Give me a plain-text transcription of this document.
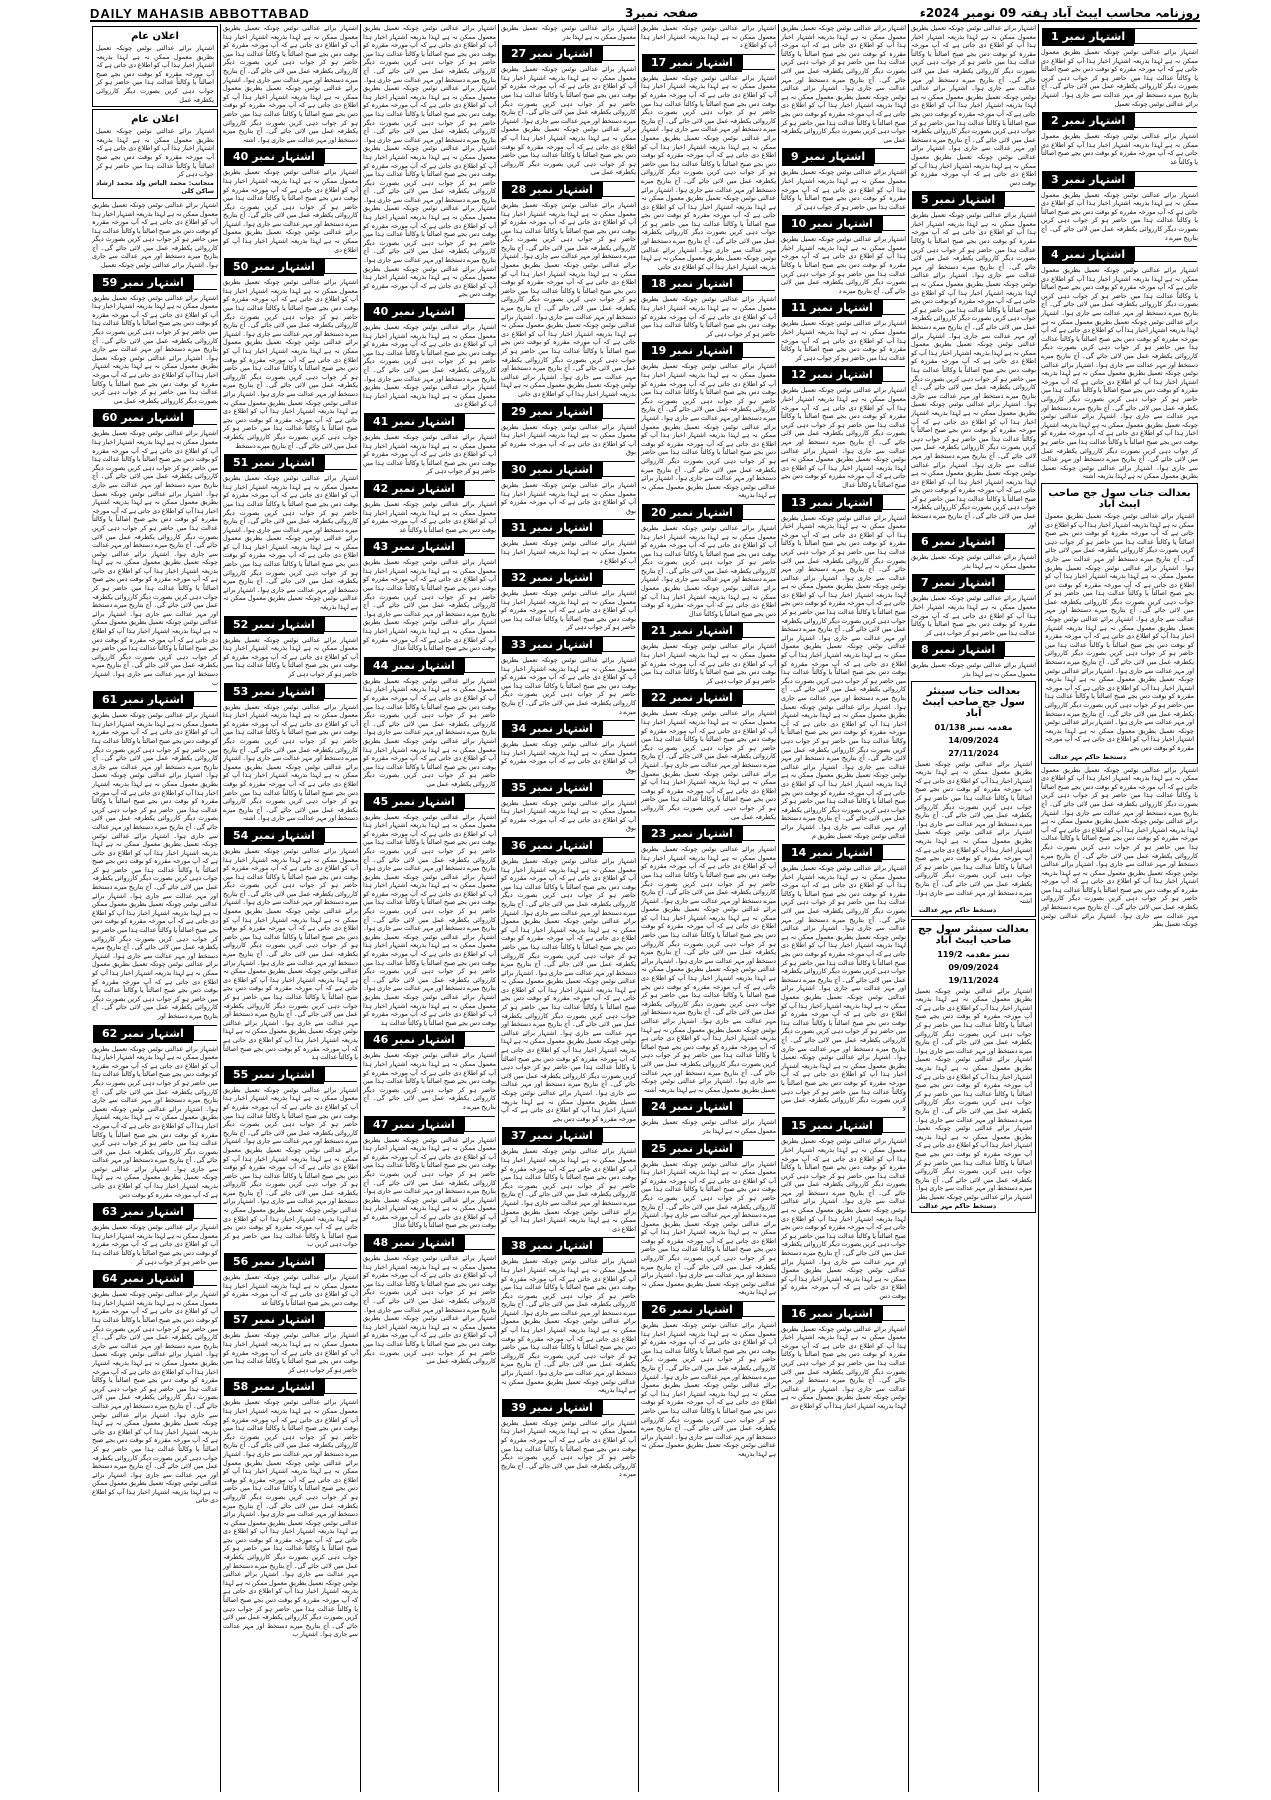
DAILY MAHASIB ABBOTTABAD	صفحہ نمبر3	روزنامہ محاسب ایبٹ آباد ہفتہ 09 نومبر 2024ء
اعلان عام
اشتہار برائے عدالتی نوٹس چونکہ تعمیل بطریق معمول ممکن نہ ہے لہذا بذریعہ اشتہار اخبار ہذا آپ کو اطلاع دی جاتی ہے کہ آپ مورخہ مقررہ کو بوقت دس بجے صبح اصالتاً یا وکالتاً عدالت ہذا میں حاضر ہو کر جواب دہی کریں بصورت دیگر کارروائی یکطرفہ عمل
اعلان عام
اشتہار برائے عدالتی نوٹس چونکہ تعمیل بطریق معمول ممکن نہ ہے لہذا بذریعہ اشتہار اخبار ہذا آپ کو اطلاع دی جاتی ہے کہ آپ مورخہ مقررہ کو بوقت دس بجے صبح اصالتاً یا وکالتاً عدالت ہذا میں حاضر ہو کر جواب دہی کر
منجانب: محمد الیاس ولد محمد ارشاد ساکن کلی
اشتہار برائے عدالتی نوٹس چونکہ تعمیل بطریق معمول ممکن نہ ہے لہذا بذریعہ اشتہار اخبار ہذا آپ کو اطلاع دی جاتی ہے کہ آپ مورخہ مقررہ کو بوقت دس بجے صبح اصالتاً یا وکالتاً عدالت ہذا میں حاضر ہو کر جواب دہی کریں بصورت دیگر کارروائی یکطرفہ عمل میں لائی جائے گی۔ آج بتاریخ میرے دستخط اور مہر عدالت سے جاری ہوا۔ اشتہار برائے عدالتی نوٹس چونکہ تعمیل
اشتہار نمبر 59
اشتہار برائے عدالتی نوٹس چونکہ تعمیل بطریق معمول ممکن نہ ہے لہذا بذریعہ اشتہار اخبار ہذا آپ کو اطلاع دی جاتی ہے کہ آپ مورخہ مقررہ کو بوقت دس بجے صبح اصالتاً یا وکالتاً عدالت ہذا میں حاضر ہو کر جواب دہی کریں بصورت دیگر کارروائی یکطرفہ عمل میں لائی جائے گی۔ آج بتاریخ میرے دستخط اور مہر عدالت سے جاری ہوا۔ اشتہار برائے عدالتی نوٹس چونکہ تعمیل بطریق معمول ممکن نہ ہے لہذا بذریعہ اشتہار اخبار ہذا آپ کو اطلاع دی جاتی ہے کہ آپ مورخہ مقررہ کو بوقت دس بجے صبح اصالتاً یا وکالتاً عدالت ہذا میں حاضر ہو کر جواب دہی کریں بصورت دیگر کارروائی یکطرفہ عمل می
اشتہار نمبر 60
اشتہار برائے عدالتی نوٹس چونکہ تعمیل بطریق معمول ممکن نہ ہے لہذا بذریعہ اشتہار اخبار ہذا آپ کو اطلاع دی جاتی ہے کہ آپ مورخہ مقررہ کو بوقت دس بجے صبح اصالتاً یا وکالتاً عدالت ہذا میں حاضر ہو کر جواب دہی کریں بصورت دیگر کارروائی یکطرفہ عمل میں لائی جائے گی۔ آج بتاریخ میرے دستخط اور مہر عدالت سے جاری ہوا۔ اشتہار برائے عدالتی نوٹس چونکہ تعمیل بطریق معمول ممکن نہ ہے لہذا بذریعہ اشتہار اخبار ہذا آپ کو اطلاع دی جاتی ہے کہ آپ مورخہ مقررہ کو بوقت دس بجے صبح اصالتاً یا وکالتاً عدالت ہذا میں حاضر ہو کر جواب دہی کریں بصورت دیگر کارروائی یکطرفہ عمل میں لائی جائے گی۔ آج بتاریخ میرے دستخط اور مہر عدالت سے جاری ہوا۔ اشتہار برائے عدالتی نوٹس چونکہ تعمیل بطریق معمول ممکن نہ ہے لہذا بذریعہ اشتہار اخبار ہذا آپ کو اطلاع دی جاتی ہے کہ آپ مورخہ مقررہ کو بوقت دس بجے صبح اصالتاً یا وکالتاً عدالت ہذا میں حاضر ہو کر جواب دہی کریں بصورت دیگر کارروائی یکطرفہ عمل میں لائی جائے گی۔ آج بتاریخ میرے دستخط اور مہر عدالت سے جاری ہوا۔ اشتہار برائے عدالتی نوٹس چونکہ تعمیل بطریق معمول ممکن نہ ہے لہذا بذریعہ اشتہار اخبار ہذا آپ کو اطلاع دی جاتی ہے کہ آپ مورخہ مقررہ کو بوقت دس بجے صبح اصالتاً یا وکالتاً عدالت ہذا میں حاضر ہو کر جواب دہی کریں بصورت دیگر کارروائی یکطرفہ عمل میں لائی جائے گی۔ آج بتاریخ میرے دستخط اور مہر عدالت سے جاری ہوا۔ اشتہار ب
اشتہار نمبر 61
اشتہار برائے عدالتی نوٹس چونکہ تعمیل بطریق معمول ممکن نہ ہے لہذا بذریعہ اشتہار اخبار ہذا آپ کو اطلاع دی جاتی ہے کہ آپ مورخہ مقررہ کو بوقت دس بجے صبح اصالتاً یا وکالتاً عدالت ہذا میں حاضر ہو کر جواب دہی کریں بصورت دیگر کارروائی یکطرفہ عمل میں لائی جائے گی۔ آج بتاریخ میرے دستخط اور مہر عدالت سے جاری ہوا۔ اشتہار برائے عدالتی نوٹس چونکہ تعمیل بطریق معمول ممکن نہ ہے لہذا بذریعہ اشتہار اخبار ہذا آپ کو اطلاع دی جاتی ہے کہ آپ مورخہ مقررہ کو بوقت دس بجے صبح اصالتاً یا وکالتاً عدالت ہذا میں حاضر ہو کر جواب دہی کریں بصورت دیگر کارروائی یکطرفہ عمل میں لائی جائے گی۔ آج بتاریخ میرے دستخط اور مہر عدالت سے جاری ہوا۔ اشتہار برائے عدالتی نوٹس چونکہ تعمیل بطریق معمول ممکن نہ ہے لہذا بذریعہ اشتہار اخبار ہذا آپ کو اطلاع دی جاتی ہے کہ آپ مورخہ مقررہ کو بوقت دس بجے صبح اصالتاً یا وکالتاً عدالت ہذا میں حاضر ہو کر جواب دہی کریں بصورت دیگر کارروائی یکطرفہ عمل میں لائی جائے گی۔ آج بتاریخ میرے دستخط اور مہر عدالت سے جاری ہوا۔ اشتہار برائے عدالتی نوٹس چونکہ تعمیل بطریق معمول ممکن نہ ہے لہذا بذریعہ اشتہار اخبار ہذا آپ کو اطلاع دی جاتی ہے کہ آپ مورخہ مقررہ کو بوقت دس بجے صبح اصالتاً یا وکالتاً عدالت ہذا میں حاضر ہو کر جواب دہی کریں بصورت دیگر کارروائی یکطرفہ عمل میں لائی جائے گی۔ آج بتاریخ میرے دستخط اور مہر عدالت سے جاری ہوا۔ اشتہار برائے عدالتی نوٹس چونکہ تعمیل بطریق معمول ممکن نہ ہے لہذا بذریعہ اشتہار اخبار ہذا آپ کو اطلاع دی جاتی ہے کہ آپ مورخہ مقررہ کو بوقت دس بجے صبح اصالتاً یا وکالتاً عدالت ہذا میں حاضر ہو کر جواب دہی کریں بصورت دیگر کارروائی یکطرفہ عمل میں لائی جائے گی۔ آج بتاریخ میرے دستخط اور
اشتہار نمبر 62
اشتہار برائے عدالتی نوٹس چونکہ تعمیل بطریق معمول ممکن نہ ہے لہذا بذریعہ اشتہار اخبار ہذا آپ کو اطلاع دی جاتی ہے کہ آپ مورخہ مقررہ کو بوقت دس بجے صبح اصالتاً یا وکالتاً عدالت ہذا میں حاضر ہو کر جواب دہی کریں بصورت دیگر کارروائی یکطرفہ عمل میں لائی جائے گی۔ آج بتاریخ میرے دستخط اور مہر عدالت سے جاری ہوا۔ اشتہار برائے عدالتی نوٹس چونکہ تعمیل بطریق معمول ممکن نہ ہے لہذا بذریعہ اشتہار اخبار ہذا آپ کو اطلاع دی جاتی ہے کہ آپ مورخہ مقررہ کو بوقت دس بجے صبح اصالتاً یا وکالتاً عدالت ہذا میں حاضر ہو کر جواب دہی کریں بصورت دیگر کارروائی یکطرفہ عمل میں لائی جائے گی۔ آج بتاریخ میرے دستخط اور مہر عدالت سے جاری ہوا۔ اشتہار برائے عدالتی نوٹس چونکہ تعمیل بطریق معمول ممکن نہ ہے لہذا بذریعہ اشتہار اخبار ہذا آپ کو اطلاع دی جاتی ہے کہ آپ مورخہ مقررہ کو بوقت دس
اشتہار نمبر 63
اشتہار برائے عدالتی نوٹس چونکہ تعمیل بطریق معمول ممکن نہ ہے لہذا بذریعہ اشتہار اخبار ہذا آپ کو اطلاع دی جاتی ہے کہ آپ مورخہ مقررہ کو بوقت دس بجے صبح اصالتاً یا وکالتاً عدالت ہذا میں حاضر ہو کر جواب دہی کر
اشتہار نمبر 64
اشتہار برائے عدالتی نوٹس چونکہ تعمیل بطریق معمول ممکن نہ ہے لہذا بذریعہ اشتہار اخبار ہذا آپ کو اطلاع دی جاتی ہے کہ آپ مورخہ مقررہ کو بوقت دس بجے صبح اصالتاً یا وکالتاً عدالت ہذا میں حاضر ہو کر جواب دہی کریں بصورت دیگر کارروائی یکطرفہ عمل میں لائی جائے گی۔ آج بتاریخ میرے دستخط اور مہر عدالت سے جاری ہوا۔ اشتہار برائے عدالتی نوٹس چونکہ تعمیل بطریق معمول ممکن نہ ہے لہذا بذریعہ اشتہار اخبار ہذا آپ کو اطلاع دی جاتی ہے کہ آپ مورخہ مقررہ کو بوقت دس بجے صبح اصالتاً یا وکالتاً عدالت ہذا میں حاضر ہو کر جواب دہی کریں بصورت دیگر کارروائی یکطرفہ عمل میں لائی جائے گی۔ آج بتاریخ میرے دستخط اور مہر عدالت سے جاری ہوا۔ اشتہار برائے عدالتی نوٹس چونکہ تعمیل بطریق معمول ممکن نہ ہے لہذا بذریعہ اشتہار اخبار ہذا آپ کو اطلاع دی جاتی ہے کہ آپ مورخہ مقررہ کو بوقت دس بجے صبح اصالتاً یا وکالتاً عدالت ہذا میں حاضر ہو کر جواب دہی کریں بصورت دیگر کارروائی یکطرفہ عمل میں لائی جائے گی۔ آج بتاریخ میرے دستخط اور مہر عدالت سے جاری ہوا۔ اشتہار برائے عدالتی نوٹس چونکہ تعمیل بطریق معمول ممکن نہ ہے لہذا بذریعہ اشتہار اخبار ہذا آپ کو اطلاع دی جاتی
اشتہار برائے عدالتی نوٹس چونکہ تعمیل بطریق معمول ممکن نہ ہے لہذا بذریعہ اشتہار اخبار ہذا آپ کو اطلاع دی جاتی ہے کہ آپ مورخہ مقررہ کو بوقت دس بجے صبح اصالتاً یا وکالتاً عدالت ہذا میں حاضر ہو کر جواب دہی کریں بصورت دیگر کارروائی یکطرفہ عمل میں لائی جائے گی۔ آج بتاریخ میرے دستخط اور مہر عدالت سے جاری ہوا۔ اشتہار برائے عدالتی نوٹس چونکہ تعمیل بطریق معمول ممکن نہ ہے لہذا بذریعہ اشتہار اخبار ہذا آپ کو اطلاع دی جاتی ہے کہ آپ مورخہ مقررہ کو بوقت دس بجے صبح اصالتاً یا وکالتاً عدالت ہذا میں حاضر ہو کر جواب دہی کریں بصورت دیگر کارروائی یکطرفہ عمل میں لائی جائے گی۔ آج بتاریخ میرے دستخط اور مہر عدالت سے جاری ہوا۔ اشتہ
اشتہار نمبر 40
اشتہار برائے عدالتی نوٹس چونکہ تعمیل بطریق معمول ممکن نہ ہے لہذا بذریعہ اشتہار اخبار ہذا آپ کو اطلاع دی جاتی ہے کہ آپ مورخہ مقررہ کو بوقت دس بجے صبح اصالتاً یا وکالتاً عدالت ہذا میں حاضر ہو کر جواب دہی کریں بصورت دیگر کارروائی یکطرفہ عمل میں لائی جائے گی۔ آج بتاریخ میرے دستخط اور مہر عدالت سے جاری ہوا۔ اشتہار برائے عدالتی نوٹس چونکہ تعمیل بطریق معمول ممکن نہ ہے لہذا بذریعہ اشتہار اخبار ہذا آپ کو اطلاع دی
اشتہار نمبر 50
اشتہار برائے عدالتی نوٹس چونکہ تعمیل بطریق معمول ممکن نہ ہے لہذا بذریعہ اشتہار اخبار ہذا آپ کو اطلاع دی جاتی ہے کہ آپ مورخہ مقررہ کو بوقت دس بجے صبح اصالتاً یا وکالتاً عدالت ہذا میں حاضر ہو کر جواب دہی کریں بصورت دیگر کارروائی یکطرفہ عمل میں لائی جائے گی۔ آج بتاریخ میرے دستخط اور مہر عدالت سے جاری ہوا۔ اشتہار برائے عدالتی نوٹس چونکہ تعمیل بطریق معمول ممکن نہ ہے لہذا بذریعہ اشتہار اخبار ہذا آپ کو اطلاع دی جاتی ہے کہ آپ مورخہ مقررہ کو بوقت دس بجے صبح اصالتاً یا وکالتاً عدالت ہذا میں حاضر ہو کر جواب دہی کریں بصورت دیگر کارروائی یکطرفہ عمل میں لائی جائے گی۔ آج بتاریخ میرے دستخط اور مہر عدالت سے جاری ہوا۔ اشتہار برائے عدالتی نوٹس چونکہ تعمیل بطریق معمول ممکن نہ ہے لہذا بذریعہ اشتہار اخبار ہذا آپ کو اطلاع دی جاتی ہے کہ آپ مورخہ مقررہ کو بوقت دس بجے صبح اصالتاً یا وکالتاً عدالت ہذا میں حاضر ہو کر جواب دہی کریں بصورت دیگر کارروائی یکطرفہ عمل میں لائی جائے گی۔ آج بتاریخ میرے دستخط
اشتہار نمبر 51
اشتہار برائے عدالتی نوٹس چونکہ تعمیل بطریق معمول ممکن نہ ہے لہذا بذریعہ اشتہار اخبار ہذا آپ کو اطلاع دی جاتی ہے کہ آپ مورخہ مقررہ کو بوقت دس بجے صبح اصالتاً یا وکالتاً عدالت ہذا میں حاضر ہو کر جواب دہی کریں بصورت دیگر کارروائی یکطرفہ عمل میں لائی جائے گی۔ آج بتاریخ میرے دستخط اور مہر عدالت سے جاری ہوا۔ اشتہار برائے عدالتی نوٹس چونکہ تعمیل بطریق معمول ممکن نہ ہے لہذا بذریعہ اشتہار اخبار ہذا آپ کو اطلاع دی جاتی ہے کہ آپ مورخہ مقررہ کو بوقت دس بجے صبح اصالتاً یا وکالتاً عدالت ہذا میں حاضر ہو کر جواب دہی کریں بصورت دیگر کارروائی یکطرفہ عمل میں لائی جائے گی۔ آج بتاریخ میرے دستخط اور مہر عدالت سے جاری ہوا۔ اشتہار برائے عدالتی نوٹس چونکہ تعمیل بطریق معمول ممکن نہ ہے لہذا بذریعہ
اشتہار نمبر 52
اشتہار برائے عدالتی نوٹس چونکہ تعمیل بطریق معمول ممکن نہ ہے لہذا بذریعہ اشتہار اخبار ہذا آپ کو اطلاع دی جاتی ہے کہ آپ مورخہ مقررہ کو بوقت دس بجے صبح اصالتاً یا وکالتاً عدالت ہذا میں حاضر ہو کر جواب دہی کر
اشتہار نمبر 53
اشتہار برائے عدالتی نوٹس چونکہ تعمیل بطریق معمول ممکن نہ ہے لہذا بذریعہ اشتہار اخبار ہذا آپ کو اطلاع دی جاتی ہے کہ آپ مورخہ مقررہ کو بوقت دس بجے صبح اصالتاً یا وکالتاً عدالت ہذا میں حاضر ہو کر جواب دہی کریں بصورت دیگر کارروائی یکطرفہ عمل میں لائی جائے گی۔ آج بتاریخ میرے دستخط اور مہر عدالت سے جاری ہوا۔ اشتہار برائے عدالتی نوٹس چونکہ تعمیل بطریق معمول ممکن نہ ہے لہذا بذریعہ اشتہار اخبار ہذا آپ کو اطلاع دی جاتی ہے کہ آپ مورخہ مقررہ کو بوقت دس بجے صبح اصالتاً یا وکالتاً عدالت ہذا میں حاضر ہو کر جواب دہی کریں بصورت دیگر کارروائی یکطرفہ عمل میں لائی جائے گی۔ آج بتاریخ میرے دستخط اور مہر عدالت سے جاری ہوا۔ اشتہ
اشتہار نمبر 54
اشتہار برائے عدالتی نوٹس چونکہ تعمیل بطریق معمول ممکن نہ ہے لہذا بذریعہ اشتہار اخبار ہذا آپ کو اطلاع دی جاتی ہے کہ آپ مورخہ مقررہ کو بوقت دس بجے صبح اصالتاً یا وکالتاً عدالت ہذا میں حاضر ہو کر جواب دہی کریں بصورت دیگر کارروائی یکطرفہ عمل میں لائی جائے گی۔ آج بتاریخ میرے دستخط اور مہر عدالت سے جاری ہوا۔ اشتہار برائے عدالتی نوٹس چونکہ تعمیل بطریق معمول ممکن نہ ہے لہذا بذریعہ اشتہار اخبار ہذا آپ کو اطلاع دی جاتی ہے کہ آپ مورخہ مقررہ کو بوقت دس بجے صبح اصالتاً یا وکالتاً عدالت ہذا میں حاضر ہو کر جواب دہی کریں بصورت دیگر کارروائی یکطرفہ عمل میں لائی جائے گی۔ آج بتاریخ میرے دستخط اور مہر عدالت سے جاری ہوا۔ اشتہار برائے عدالتی نوٹس چونکہ تعمیل بطریق معمول ممکن نہ ہے لہذا بذریعہ اشتہار اخبار ہذا آپ کو اطلاع دی جاتی ہے کہ آپ مورخہ مقررہ کو بوقت دس بجے صبح اصالتاً یا وکالتاً عدالت ہذا میں حاضر ہو کر جواب دہی کریں بصورت دیگر کارروائی یکطرفہ عمل میں لائی جائے گی۔ آج بتاریخ میرے دستخط اور مہر عدالت سے جاری ہوا۔ اشتہار برائے عدالتی نوٹس چونکہ تعمیل بطریق معمول ممکن نہ ہے لہذا بذریعہ اشتہار اخبار ہذا آپ کو اطلاع دی جاتی ہے کہ آپ مورخہ مقررہ کو بوقت دس بجے صبح اصالتاً یا وکالتاً عدالت ہذ
اشتہار نمبر 55
اشتہار برائے عدالتی نوٹس چونکہ تعمیل بطریق معمول ممکن نہ ہے لہذا بذریعہ اشتہار اخبار ہذا آپ کو اطلاع دی جاتی ہے کہ آپ مورخہ مقررہ کو بوقت دس بجے صبح اصالتاً یا وکالتاً عدالت ہذا میں حاضر ہو کر جواب دہی کریں بصورت دیگر کارروائی یکطرفہ عمل میں لائی جائے گی۔ آج بتاریخ میرے دستخط اور مہر عدالت سے جاری ہوا۔ اشتہار برائے عدالتی نوٹس چونکہ تعمیل بطریق معمول ممکن نہ ہے لہذا بذریعہ اشتہار اخبار ہذا آپ کو اطلاع دی جاتی ہے کہ آپ مورخہ مقررہ کو بوقت دس بجے صبح اصالتاً یا وکالتاً عدالت ہذا میں حاضر ہو کر جواب دہی کریں بصورت دیگر کارروائی یکطرفہ عمل میں لائی جائے گی۔ آج بتاریخ میرے دستخط اور مہر عدالت سے جاری ہوا۔ اشتہار برائے عدالتی نوٹس چونکہ تعمیل بطریق معمول ممکن نہ ہے لہذا بذریعہ اشتہار اخبار ہذا آپ کو اطلاع دی جاتی ہے کہ آپ مورخہ مقررہ کو بوقت دس بجے صبح اصالتاً یا وکالتاً عدالت ہذا میں حاضر ہو کر جواب دہی کریں ب
اشتہار نمبر 56
اشتہار برائے عدالتی نوٹس چونکہ تعمیل بطریق معمول ممکن نہ ہے لہذا بذریعہ اشتہار اخبار ہذا آپ کو اطلاع دی جاتی ہے کہ آپ مورخہ مقررہ کو بوقت دس بجے صبح اصالتاً یا وکالتاً عد
اشتہار نمبر 57
اشتہار برائے عدالتی نوٹس چونکہ تعمیل بطریق معمول ممکن نہ ہے لہذا بذریعہ اشتہار اخبار ہذا آپ کو اطلاع دی جاتی ہے کہ آپ مورخہ مقررہ کو بوقت دس بجے صبح اصالتاً یا وکالتاً عدالت ہذا میں حاضر ہو کر جواب دہی کر
اشتہار نمبر 58
اشتہار برائے عدالتی نوٹس چونکہ تعمیل بطریق معمول ممکن نہ ہے لہذا بذریعہ اشتہار اخبار ہذا آپ کو اطلاع دی جاتی ہے کہ آپ مورخہ مقررہ کو بوقت دس بجے صبح اصالتاً یا وکالتاً عدالت ہذا میں حاضر ہو کر جواب دہی کریں بصورت دیگر کارروائی یکطرفہ عمل میں لائی جائے گی۔ آج بتاریخ میرے دستخط اور مہر عدالت سے جاری ہوا۔ اشتہار برائے عدالتی نوٹس چونکہ تعمیل بطریق معمول ممکن نہ ہے لہذا بذریعہ اشتہار اخبار ہذا آپ کو اطلاع دی جاتی ہے کہ آپ مورخہ مقررہ کو بوقت دس بجے صبح اصالتاً یا وکالتاً عدالت ہذا میں حاضر ہو کر جواب دہی کریں بصورت دیگر کارروائی یکطرفہ عمل میں لائی جائے گی۔ آج بتاریخ میرے دستخط اور مہر عدالت سے جاری ہوا۔ اشتہار برائے عدالتی نوٹس چونکہ تعمیل بطریق معمول ممکن نہ ہے لہذا بذریعہ اشتہار اخبار ہذا آپ کو اطلاع دی جاتی ہے کہ آپ مورخہ مقررہ کو بوقت دس بجے صبح اصالتاً یا وکالتاً عدالت ہذا میں حاضر ہو کر جواب دہی کریں بصورت دیگر کارروائی یکطرفہ عمل میں لائی جائے گی۔ آج بتاریخ میرے دستخط اور مہر عدالت سے جاری ہوا۔ اشتہار برائے عدالتی نوٹس چونکہ تعمیل بطریق معمول ممکن نہ ہے لہذا بذریعہ اشتہار اخبار ہذا آپ کو اطلاع دی جاتی ہے کہ آپ مورخہ مقررہ کو بوقت دس بجے صبح اصالتاً یا وکالتاً عدالت ہذا میں حاضر ہو کر جواب دہی کریں بصورت دیگر کارروائی یکطرفہ عمل میں لائی جائے گی۔ آج بتاریخ میرے دستخط اور مہر عدالت سے جاری ہوا۔ اشتہار ب
اشتہار برائے عدالتی نوٹس چونکہ تعمیل بطریق معمول ممکن نہ ہے لہذا بذریعہ اشتہار اخبار ہذا آپ کو اطلاع دی جاتی ہے کہ آپ مورخہ مقررہ کو بوقت دس بجے صبح اصالتاً یا وکالتاً عدالت ہذا میں حاضر ہو کر جواب دہی کریں بصورت دیگر کارروائی یکطرفہ عمل میں لائی جائے گی۔ آج بتاریخ میرے دستخط اور مہر عدالت سے جاری ہوا۔ اشتہار برائے عدالتی نوٹس چونکہ تعمیل بطریق معمول ممکن نہ ہے لہذا بذریعہ اشتہار اخبار ہذا آپ کو اطلاع دی جاتی ہے کہ آپ مورخہ مقررہ کو بوقت دس بجے صبح اصالتاً یا وکالتاً عدالت ہذا میں حاضر ہو کر جواب دہی کریں بصورت دیگر کارروائی یکطرفہ عمل میں لائی جائے گی۔ آج بتاریخ میرے دستخط اور مہر عدالت سے جاری ہوا۔ اشتہار برائے عدالتی نوٹس چونکہ تعمیل بطریق معمول ممکن نہ ہے لہذا بذریعہ اشتہار اخبار ہذا آپ کو اطلاع دی جاتی ہے کہ آپ مورخہ مقررہ کو بوقت دس بجے صبح اصالتاً یا وکالتاً عدالت ہذا میں حاضر ہو کر جواب دہی کریں بصورت دیگر کارروائی یکطرفہ عمل میں لائی جائے گی۔ آج بتاریخ میرے دستخط اور مہر عدالت سے جاری ہوا۔ اشتہار برائے عدالتی نوٹس چونکہ تعمیل بطریق معمول ممکن نہ ہے لہذا بذریعہ اشتہار اخبار ہذا آپ کو اطلاع دی جاتی ہے کہ آپ مورخہ مقررہ کو بوقت دس بجے صبح اصالتاً یا وکالتاً عدالت ہذا میں حاضر ہو کر جواب دہی کریں بصورت دیگر کارروائی یکطرفہ عمل میں لائی جائے گی۔ آج بتاریخ میرے دستخط اور مہر عدالت سے جاری ہوا۔ اشتہار برائے عدالتی نوٹس چونکہ تعمیل بطریق معمول ممکن نہ ہے لہذا بذریعہ اشتہار اخبار ہذا آپ کو اطلاع دی جاتی ہے کہ آپ مورخہ مقررہ کو بوقت دس بجے
اشتہار نمبر 40
اشتہار برائے عدالتی نوٹس چونکہ تعمیل بطریق معمول ممکن نہ ہے لہذا بذریعہ اشتہار اخبار ہذا آپ کو اطلاع دی جاتی ہے کہ آپ مورخہ مقررہ کو بوقت دس بجے صبح اصالتاً یا وکالتاً عدالت ہذا میں حاضر ہو کر جواب دہی کریں بصورت دیگر کارروائی یکطرفہ عمل میں لائی جائے گی۔ آج بتاریخ میرے دستخط اور مہر عدالت سے جاری ہوا۔ اشتہار برائے عدالتی نوٹس چونکہ تعمیل بطریق معمول ممکن نہ ہے لہذا بذریعہ اشتہار اخبار ہذا آپ کو اطلاع دی
اشتہار نمبر 41
اشتہار برائے عدالتی نوٹس چونکہ تعمیل بطریق معمول ممکن نہ ہے لہذا بذریعہ اشتہار اخبار ہذا آپ کو اطلاع دی جاتی ہے کہ آپ مورخہ مقررہ کو بوقت دس بجے صبح اصالتاً یا وکالتاً عدالت ہذا میں حاضر ہو کر جواب دہی کر
اشتہار نمبر 42
اشتہار برائے عدالتی نوٹس چونکہ تعمیل بطریق معمول ممکن نہ ہے لہذا بذریعہ اشتہار اخبار ہذا آپ کو اطلاع دی جاتی ہے کہ آپ مورخہ مقررہ کو بوقت دس بجے صبح اصالتاً یا وکالتاً عد
اشتہار نمبر 43
اشتہار برائے عدالتی نوٹس چونکہ تعمیل بطریق معمول ممکن نہ ہے لہذا بذریعہ اشتہار اخبار ہذا آپ کو اطلاع دی جاتی ہے کہ آپ مورخہ مقررہ کو بوقت دس بجے صبح اصالتاً یا وکالتاً عدالت ہذا میں حاضر ہو کر جواب دہی کریں بصورت دیگر کارروائی یکطرفہ عمل میں لائی جائے گی۔ آج بتاریخ میرے دستخط اور مہر عدالت سے جاری ہوا۔ اشتہار برائے عدالتی نوٹس چونکہ تعمیل بطریق معمول ممکن نہ ہے لہذا بذریعہ اشتہار اخبار ہذا آپ کو اطلاع دی جاتی ہے کہ آپ مورخہ مقررہ کو بوقت دس بجے صبح اصالتاً یا وکالتاً عدال
اشتہار نمبر 44
اشتہار برائے عدالتی نوٹس چونکہ تعمیل بطریق معمول ممکن نہ ہے لہذا بذریعہ اشتہار اخبار ہذا آپ کو اطلاع دی جاتی ہے کہ آپ مورخہ مقررہ کو بوقت دس بجے صبح اصالتاً یا وکالتاً عدالت ہذا میں حاضر ہو کر جواب دہی کریں بصورت دیگر کارروائی یکطرفہ عمل میں لائی جائے گی۔ آج بتاریخ میرے دستخط اور مہر عدالت سے جاری ہوا۔ اشتہار برائے عدالتی نوٹس چونکہ تعمیل بطریق معمول ممکن نہ ہے لہذا بذریعہ اشتہار اخبار ہذا آپ کو اطلاع دی جاتی ہے کہ آپ مورخہ مقررہ کو بوقت دس بجے صبح اصالتاً یا وکالتاً عدالت ہذا میں حاضر ہو کر جواب دہی کریں بصورت دیگر کارروائی یکطرفہ عمل می
اشتہار نمبر 45
اشتہار برائے عدالتی نوٹس چونکہ تعمیل بطریق معمول ممکن نہ ہے لہذا بذریعہ اشتہار اخبار ہذا آپ کو اطلاع دی جاتی ہے کہ آپ مورخہ مقررہ کو بوقت دس بجے صبح اصالتاً یا وکالتاً عدالت ہذا میں حاضر ہو کر جواب دہی کریں بصورت دیگر کارروائی یکطرفہ عمل میں لائی جائے گی۔ آج بتاریخ میرے دستخط اور مہر عدالت سے جاری ہوا۔ اشتہار برائے عدالتی نوٹس چونکہ تعمیل بطریق معمول ممکن نہ ہے لہذا بذریعہ اشتہار اخبار ہذا آپ کو اطلاع دی جاتی ہے کہ آپ مورخہ مقررہ کو بوقت دس بجے صبح اصالتاً یا وکالتاً عدالت ہذا میں حاضر ہو کر جواب دہی کریں بصورت دیگر کارروائی یکطرفہ عمل میں لائی جائے گی۔ آج بتاریخ میرے دستخط اور مہر عدالت سے جاری ہوا۔ اشتہار برائے عدالتی نوٹس چونکہ تعمیل بطریق معمول ممکن نہ ہے لہذا بذریعہ اشتہار اخبار ہذا آپ کو اطلاع دی جاتی ہے کہ آپ مورخہ مقررہ کو بوقت دس بجے صبح اصالتاً یا وکالتاً عدالت ہذا میں حاضر ہو کر جواب دہی کریں بصورت دیگر کارروائی یکطرفہ عمل میں لائی جائے گی۔ آج بتاریخ میرے دستخط اور مہر عدالت سے جاری ہوا۔ اشتہار برائے عدالتی نوٹس چونکہ تعمیل بطریق معمول ممکن نہ ہے لہذا بذریعہ اشتہار اخبار ہذا آپ کو اطلاع دی جاتی ہے کہ آپ مورخہ مقررہ کو بوقت دس بجے صبح اصالتاً یا وکالتاً عدالت ہذ
اشتہار نمبر 46
اشتہار برائے عدالتی نوٹس چونکہ تعمیل بطریق معمول ممکن نہ ہے لہذا بذریعہ اشتہار اخبار ہذا آپ کو اطلاع دی جاتی ہے کہ آپ مورخہ مقررہ کو بوقت دس بجے صبح اصالتاً یا وکالتاً عدالت ہذا میں حاضر ہو کر جواب دہی کریں بصورت دیگر کارروائی یکطرفہ عمل میں لائی جائے گی۔ آج بتاریخ میرے د
اشتہار نمبر 47
اشتہار برائے عدالتی نوٹس چونکہ تعمیل بطریق معمول ممکن نہ ہے لہذا بذریعہ اشتہار اخبار ہذا آپ کو اطلاع دی جاتی ہے کہ آپ مورخہ مقررہ کو بوقت دس بجے صبح اصالتاً یا وکالتاً عدالت ہذا میں حاضر ہو کر جواب دہی کریں بصورت دیگر کارروائی یکطرفہ عمل میں لائی جائے گی۔ آج بتاریخ میرے دستخط اور مہر عدالت سے جاری ہوا۔ اشتہار برائے عدالتی نوٹس چونکہ تعمیل بطریق معمول ممکن نہ ہے لہذا بذریعہ اشتہار اخبار ہذا آپ کو اطلاع دی جاتی ہے کہ آپ مورخہ مقررہ کو بوقت دس بجے صبح اصالتاً یا وکالتاً عدال
اشتہار نمبر 48
اشتہار برائے عدالتی نوٹس چونکہ تعمیل بطریق معمول ممکن نہ ہے لہذا بذریعہ اشتہار اخبار ہذا آپ کو اطلاع دی جاتی ہے کہ آپ مورخہ مقررہ کو بوقت دس بجے صبح اصالتاً یا وکالتاً عدالت ہذا میں حاضر ہو کر جواب دہی کریں بصورت دیگر کارروائی یکطرفہ عمل میں لائی جائے گی۔ آج بتاریخ میرے دستخط اور مہر عدالت سے جاری ہوا۔ اشتہار برائے عدالتی نوٹس چونکہ تعمیل بطریق معمول ممکن نہ ہے لہذا بذریعہ اشتہار اخبار ہذا آپ کو اطلاع دی جاتی ہے کہ آپ مورخہ مقررہ کو بوقت دس بجے صبح اصالتاً یا وکالتاً عدالت ہذا میں حاضر ہو کر جواب دہی کریں بصورت دیگر کارروائی یکطرفہ عمل می
اشتہار برائے عدالتی نوٹس چونکہ تعمیل بطریق معمول ممکن نہ ہے لہذا بذر
اشتہار نمبر 27
اشتہار برائے عدالتی نوٹس چونکہ تعمیل بطریق معمول ممکن نہ ہے لہذا بذریعہ اشتہار اخبار ہذا آپ کو اطلاع دی جاتی ہے کہ آپ مورخہ مقررہ کو بوقت دس بجے صبح اصالتاً یا وکالتاً عدالت ہذا میں حاضر ہو کر جواب دہی کریں بصورت دیگر کارروائی یکطرفہ عمل میں لائی جائے گی۔ آج بتاریخ میرے دستخط اور مہر عدالت سے جاری ہوا۔ اشتہار برائے عدالتی نوٹس چونکہ تعمیل بطریق معمول ممکن نہ ہے لہذا بذریعہ اشتہار اخبار ہذا آپ کو اطلاع دی جاتی ہے کہ آپ مورخہ مقررہ کو بوقت دس بجے صبح اصالتاً یا وکالتاً عدالت ہذا میں حاضر ہو کر جواب دہی کریں بصورت دیگر کارروائی یکطرفہ عمل می
اشتہار نمبر 28
اشتہار برائے عدالتی نوٹس چونکہ تعمیل بطریق معمول ممکن نہ ہے لہذا بذریعہ اشتہار اخبار ہذا آپ کو اطلاع دی جاتی ہے کہ آپ مورخہ مقررہ کو بوقت دس بجے صبح اصالتاً یا وکالتاً عدالت ہذا میں حاضر ہو کر جواب دہی کریں بصورت دیگر کارروائی یکطرفہ عمل میں لائی جائے گی۔ آج بتاریخ میرے دستخط اور مہر عدالت سے جاری ہوا۔ اشتہار برائے عدالتی نوٹس چونکہ تعمیل بطریق معمول ممکن نہ ہے لہذا بذریعہ اشتہار اخبار ہذا آپ کو اطلاع دی جاتی ہے کہ آپ مورخہ مقررہ کو بوقت دس بجے صبح اصالتاً یا وکالتاً عدالت ہذا میں حاضر ہو کر جواب دہی کریں بصورت دیگر کارروائی یکطرفہ عمل میں لائی جائے گی۔ آج بتاریخ میرے دستخط اور مہر عدالت سے جاری ہوا۔ اشتہار برائے عدالتی نوٹس چونکہ تعمیل بطریق معمول ممکن نہ ہے لہذا بذریعہ اشتہار اخبار ہذا آپ کو اطلاع دی جاتی ہے کہ آپ مورخہ مقررہ کو بوقت دس بجے صبح اصالتاً یا وکالتاً عدالت ہذا میں حاضر ہو کر جواب دہی کریں بصورت دیگر کارروائی یکطرفہ عمل میں لائی جائے گی۔ آج بتاریخ میرے دستخط اور مہر عدالت سے جاری ہوا۔ اشتہار برائے عدالتی نوٹس چونکہ تعمیل بطریق معمول ممکن نہ ہے لہذا بذریعہ اشتہار اخبار ہذا آپ کو اطلاع دی جاتی
اشتہار نمبر 29
اشتہار برائے عدالتی نوٹس چونکہ تعمیل بطریق معمول ممکن نہ ہے لہذا بذریعہ اشتہار اخبار ہذا آپ کو اطلاع دی جاتی ہے کہ آپ مورخہ مقررہ کو بوق
اشتہار نمبر 30
اشتہار برائے عدالتی نوٹس چونکہ تعمیل بطریق معمول ممکن نہ ہے لہذا بذریعہ اشتہار اخبار ہذا آپ کو اطلاع دی جاتی ہے کہ آپ مورخہ مقررہ کو بوق
اشتہار نمبر 31
اشتہار برائے عدالتی نوٹس چونکہ تعمیل بطریق معمول ممکن نہ ہے لہذا بذریعہ اشتہار اخبار ہذا آپ کو اطلاع د
اشتہار نمبر 32
اشتہار برائے عدالتی نوٹس چونکہ تعمیل بطریق معمول ممکن نہ ہے لہذا بذریعہ اشتہار اخبار ہذا آپ کو اطلاع دی جاتی ہے کہ آپ مورخہ مقررہ کو بوقت دس بجے صبح اصالتاً یا وکالتاً عدالت ہذا میں حاضر ہو کر جواب دہی کر
اشتہار نمبر 33
اشتہار برائے عدالتی نوٹس چونکہ تعمیل بطریق معمول ممکن نہ ہے لہذا بذریعہ اشتہار اخبار ہذا آپ کو اطلاع دی جاتی ہے کہ آپ مورخہ مقررہ کو بوقت دس بجے صبح اصالتاً یا وکالتاً عدالت ہذا میں حاضر ہو کر جواب دہی کریں بصورت دیگر کارروائی یکطرفہ عمل میں لائی جائے گی۔ آج بتاریخ میرے د
اشتہار نمبر 34
اشتہار برائے عدالتی نوٹس چونکہ تعمیل بطریق معمول ممکن نہ ہے لہذا بذریعہ اشتہار اخبار ہذا آپ کو اطلاع دی جاتی ہے کہ آپ مورخہ مقررہ کو بوق
اشتہار نمبر 35
اشتہار برائے عدالتی نوٹس چونکہ تعمیل بطریق معمول ممکن نہ ہے لہذا بذریعہ اشتہار اخبار ہذا آپ کو اطلاع دی جاتی ہے کہ آپ مورخہ مقررہ کو بوق
اشتہار نمبر 36
اشتہار برائے عدالتی نوٹس چونکہ تعمیل بطریق معمول ممکن نہ ہے لہذا بذریعہ اشتہار اخبار ہذا آپ کو اطلاع دی جاتی ہے کہ آپ مورخہ مقررہ کو بوقت دس بجے صبح اصالتاً یا وکالتاً عدالت ہذا میں حاضر ہو کر جواب دہی کریں بصورت دیگر کارروائی یکطرفہ عمل میں لائی جائے گی۔ آج بتاریخ میرے دستخط اور مہر عدالت سے جاری ہوا۔ اشتہار برائے عدالتی نوٹس چونکہ تعمیل بطریق معمول ممکن نہ ہے لہذا بذریعہ اشتہار اخبار ہذا آپ کو اطلاع دی جاتی ہے کہ آپ مورخہ مقررہ کو بوقت دس بجے صبح اصالتاً یا وکالتاً عدالت ہذا میں حاضر ہو کر جواب دہی کریں بصورت دیگر کارروائی یکطرفہ عمل میں لائی جائے گی۔ آج بتاریخ میرے دستخط اور مہر عدالت سے جاری ہوا۔ اشتہار برائے عدالتی نوٹس چونکہ تعمیل بطریق معمول ممکن نہ ہے لہذا بذریعہ اشتہار اخبار ہذا آپ کو اطلاع دی جاتی ہے کہ آپ مورخہ مقررہ کو بوقت دس بجے صبح اصالتاً یا وکالتاً عدالت ہذا میں حاضر ہو کر جواب دہی کریں بصورت دیگر کارروائی یکطرفہ عمل میں لائی جائے گی۔ آج بتاریخ میرے دستخط اور مہر عدالت سے جاری ہوا۔ اشتہار برائے عدالتی نوٹس چونکہ تعمیل بطریق معمول ممکن نہ ہے لہذا بذریعہ اشتہار اخبار ہذا آپ کو اطلاع دی جاتی ہے کہ آپ مورخہ مقررہ کو بوقت دس بجے صبح اصالتاً یا وکالتاً عدالت ہذا میں حاضر ہو کر جواب دہی کریں بصورت دیگر کارروائی یکطرفہ عمل میں لائی جائے گی۔ آج بتاریخ میرے دستخط اور مہر عدالت سے جاری ہوا۔ اشتہار برائے عدالتی نوٹس چونکہ تعمیل بطریق معمول ممکن نہ ہے لہذا بذریعہ اشتہار اخبار ہذا آپ کو اطلاع دی جاتی ہے کہ آپ مورخہ مقررہ کو بوقت دس بجے
اشتہار نمبر 37
اشتہار برائے عدالتی نوٹس چونکہ تعمیل بطریق معمول ممکن نہ ہے لہذا بذریعہ اشتہار اخبار ہذا آپ کو اطلاع دی جاتی ہے کہ آپ مورخہ مقررہ کو بوقت دس بجے صبح اصالتاً یا وکالتاً عدالت ہذا میں حاضر ہو کر جواب دہی کریں بصورت دیگر کارروائی یکطرفہ عمل میں لائی جائے گی۔ آج بتاریخ میرے دستخط اور مہر عدالت سے جاری ہوا۔ اشتہار برائے عدالتی نوٹس چونکہ تعمیل بطریق معمول ممکن نہ ہے لہذا بذریعہ اشتہار اخبار ہذا آپ کو اطلاع دی
اشتہار نمبر 38
اشتہار برائے عدالتی نوٹس چونکہ تعمیل بطریق معمول ممکن نہ ہے لہذا بذریعہ اشتہار اخبار ہذا آپ کو اطلاع دی جاتی ہے کہ آپ مورخہ مقررہ کو بوقت دس بجے صبح اصالتاً یا وکالتاً عدالت ہذا میں حاضر ہو کر جواب دہی کریں بصورت دیگر کارروائی یکطرفہ عمل میں لائی جائے گی۔ آج بتاریخ میرے دستخط اور مہر عدالت سے جاری ہوا۔ اشتہار برائے عدالتی نوٹس چونکہ تعمیل بطریق معمول ممکن نہ ہے لہذا بذریعہ اشتہار اخبار ہذا آپ کو اطلاع دی جاتی ہے کہ آپ مورخہ مقررہ کو بوقت دس بجے صبح اصالتاً یا وکالتاً عدالت ہذا میں حاضر ہو کر جواب دہی کریں بصورت دیگر کارروائی یکطرفہ عمل میں لائی جائے گی۔ آج بتاریخ میرے دستخط اور مہر عدالت سے جاری ہوا۔ اشتہار برائے عدالتی نوٹس چونکہ تعمیل بطریق معمول ممکن نہ ہے لہذا بذریعہ
اشتہار نمبر 39
اشتہار برائے عدالتی نوٹس چونکہ تعمیل بطریق معمول ممکن نہ ہے لہذا بذریعہ اشتہار اخبار ہذا آپ کو اطلاع دی جاتی ہے کہ آپ مورخہ مقررہ کو بوقت دس بجے صبح اصالتاً یا وکالتاً عدالت ہذا میں حاضر ہو کر جواب دہی کریں بصورت دیگر کارروائی یکطرفہ عمل میں لائی جائے گی۔ آج بتاریخ میرے د
اشتہار برائے عدالتی نوٹس چونکہ تعمیل بطریق معمول ممکن نہ ہے لہذا بذریعہ اشتہار اخبار ہذا آپ کو اطلاع د
اشتہار نمبر 17
اشتہار برائے عدالتی نوٹس چونکہ تعمیل بطریق معمول ممکن نہ ہے لہذا بذریعہ اشتہار اخبار ہذا آپ کو اطلاع دی جاتی ہے کہ آپ مورخہ مقررہ کو بوقت دس بجے صبح اصالتاً یا وکالتاً عدالت ہذا میں حاضر ہو کر جواب دہی کریں بصورت دیگر کارروائی یکطرفہ عمل میں لائی جائے گی۔ آج بتاریخ میرے دستخط اور مہر عدالت سے جاری ہوا۔ اشتہار برائے عدالتی نوٹس چونکہ تعمیل بطریق معمول ممکن نہ ہے لہذا بذریعہ اشتہار اخبار ہذا آپ کو اطلاع دی جاتی ہے کہ آپ مورخہ مقررہ کو بوقت دس بجے صبح اصالتاً یا وکالتاً عدالت ہذا میں حاضر ہو کر جواب دہی کریں بصورت دیگر کارروائی یکطرفہ عمل میں لائی جائے گی۔ آج بتاریخ میرے دستخط اور مہر عدالت سے جاری ہوا۔ اشتہار برائے عدالتی نوٹس چونکہ تعمیل بطریق معمول ممکن نہ ہے لہذا بذریعہ اشتہار اخبار ہذا آپ کو اطلاع دی جاتی ہے کہ آپ مورخہ مقررہ کو بوقت دس بجے صبح اصالتاً یا وکالتاً عدالت ہذا میں حاضر ہو کر جواب دہی کریں بصورت دیگر کارروائی یکطرفہ عمل میں لائی جائے گی۔ آج بتاریخ میرے دستخط اور مہر عدالت سے جاری ہوا۔ اشتہار برائے عدالتی نوٹس چونکہ تعمیل بطریق معمول ممکن نہ ہے لہذا بذریعہ اشتہار اخبار ہذا آپ کو اطلاع دی جاتی
اشتہار نمبر 18
اشتہار برائے عدالتی نوٹس چونکہ تعمیل بطریق معمول ممکن نہ ہے لہذا بذریعہ اشتہار اخبار ہذا آپ کو اطلاع دی جاتی ہے کہ آپ مورخہ مقررہ کو بوقت دس بجے صبح اصالتاً یا وکالتاً عدالت ہذا میں حاضر ہو کر جواب دہی کر
اشتہار نمبر 19
اشتہار برائے عدالتی نوٹس چونکہ تعمیل بطریق معمول ممکن نہ ہے لہذا بذریعہ اشتہار اخبار ہذا آپ کو اطلاع دی جاتی ہے کہ آپ مورخہ مقررہ کو بوقت دس بجے صبح اصالتاً یا وکالتاً عدالت ہذا میں حاضر ہو کر جواب دہی کریں بصورت دیگر کارروائی یکطرفہ عمل میں لائی جائے گی۔ آج بتاریخ میرے دستخط اور مہر عدالت سے جاری ہوا۔ اشتہار برائے عدالتی نوٹس چونکہ تعمیل بطریق معمول ممکن نہ ہے لہذا بذریعہ اشتہار اخبار ہذا آپ کو اطلاع دی جاتی ہے کہ آپ مورخہ مقررہ کو بوقت دس بجے صبح اصالتاً یا وکالتاً عدالت ہذا میں حاضر ہو کر جواب دہی کریں بصورت دیگر کارروائی یکطرفہ عمل میں لائی جائے گی۔ آج بتاریخ میرے دستخط اور مہر عدالت سے جاری ہوا۔ اشتہار برائے عدالتی نوٹس چونکہ تعمیل بطریق معمول ممکن نہ ہے لہذا بذریعہ
اشتہار نمبر 20
اشتہار برائے عدالتی نوٹس چونکہ تعمیل بطریق معمول ممکن نہ ہے لہذا بذریعہ اشتہار اخبار ہذا آپ کو اطلاع دی جاتی ہے کہ آپ مورخہ مقررہ کو بوقت دس بجے صبح اصالتاً یا وکالتاً عدالت ہذا میں حاضر ہو کر جواب دہی کریں بصورت دیگر کارروائی یکطرفہ عمل میں لائی جائے گی۔ آج بتاریخ میرے دستخط اور مہر عدالت سے جاری ہوا۔ اشتہار برائے عدالتی نوٹس چونکہ تعمیل بطریق معمول ممکن نہ ہے لہذا بذریعہ اشتہار اخبار ہذا آپ کو اطلاع دی جاتی ہے کہ آپ مورخہ مقررہ کو بوقت دس بجے صبح اصالتاً یا وکالتاً عدال
اشتہار نمبر 21
اشتہار برائے عدالتی نوٹس چونکہ تعمیل بطریق معمول ممکن نہ ہے لہذا بذریعہ اشتہار اخبار ہذا آپ کو اطلاع دی جاتی ہے کہ آپ مورخہ مقررہ کو بوقت دس بجے صبح اصالتاً یا وکالتاً عدالت ہذا میں حاضر ہو کر جواب دہی کر
اشتہار نمبر 22
اشتہار برائے عدالتی نوٹس چونکہ تعمیل بطریق معمول ممکن نہ ہے لہذا بذریعہ اشتہار اخبار ہذا آپ کو اطلاع دی جاتی ہے کہ آپ مورخہ مقررہ کو بوقت دس بجے صبح اصالتاً یا وکالتاً عدالت ہذا میں حاضر ہو کر جواب دہی کریں بصورت دیگر کارروائی یکطرفہ عمل میں لائی جائے گی۔ آج بتاریخ میرے دستخط اور مہر عدالت سے جاری ہوا۔ اشتہار برائے عدالتی نوٹس چونکہ تعمیل بطریق معمول ممکن نہ ہے لہذا بذریعہ اشتہار اخبار ہذا آپ کو اطلاع دی جاتی ہے کہ آپ مورخہ مقررہ کو بوقت دس بجے صبح اصالتاً یا وکالتاً عدالت ہذا میں حاضر ہو کر جواب دہی کریں بصورت دیگر کارروائی یکطرفہ عمل می
اشتہار نمبر 23
اشتہار برائے عدالتی نوٹس چونکہ تعمیل بطریق معمول ممکن نہ ہے لہذا بذریعہ اشتہار اخبار ہذا آپ کو اطلاع دی جاتی ہے کہ آپ مورخہ مقررہ کو بوقت دس بجے صبح اصالتاً یا وکالتاً عدالت ہذا میں حاضر ہو کر جواب دہی کریں بصورت دیگر کارروائی یکطرفہ عمل میں لائی جائے گی۔ آج بتاریخ میرے دستخط اور مہر عدالت سے جاری ہوا۔ اشتہار برائے عدالتی نوٹس چونکہ تعمیل بطریق معمول ممکن نہ ہے لہذا بذریعہ اشتہار اخبار ہذا آپ کو اطلاع دی جاتی ہے کہ آپ مورخہ مقررہ کو بوقت دس بجے صبح اصالتاً یا وکالتاً عدالت ہذا میں حاضر ہو کر جواب دہی کریں بصورت دیگر کارروائی یکطرفہ عمل میں لائی جائے گی۔ آج بتاریخ میرے دستخط اور مہر عدالت سے جاری ہوا۔ اشتہار برائے عدالتی نوٹس چونکہ تعمیل بطریق معمول ممکن نہ ہے لہذا بذریعہ اشتہار اخبار ہذا آپ کو اطلاع دی جاتی ہے کہ آپ مورخہ مقررہ کو بوقت دس بجے صبح اصالتاً یا وکالتاً عدالت ہذا میں حاضر ہو کر جواب دہی کریں بصورت دیگر کارروائی یکطرفہ عمل میں لائی جائے گی۔ آج بتاریخ میرے دستخط اور مہر عدالت سے جاری ہوا۔ اشتہار برائے عدالتی نوٹس چونکہ تعمیل بطریق معمول ممکن نہ ہے لہذا بذریعہ اشتہار اخبار ہذا آپ کو اطلاع دی جاتی ہے کہ آپ مورخہ مقررہ کو بوقت دس بجے صبح اصالتاً یا وکالتاً عدالت ہذا میں حاضر ہو کر جواب دہی کریں بصورت دیگر کارروائی یکطرفہ عمل میں لائی جائے گی۔ آج بتاریخ میرے دستخط اور مہر عدالت سے جاری ہوا۔ اشتہار برائے عدالتی نوٹس چونکہ تعمیل بطریق معمول ممکن نہ ہے لہذا بذریعہ اشتہ
اشتہار نمبر 24
اشتہار برائے عدالتی نوٹس چونکہ تعمیل بطریق معمول ممکن نہ ہے لہذا بذر
اشتہار نمبر 25
اشتہار برائے عدالتی نوٹس چونکہ تعمیل بطریق معمول ممکن نہ ہے لہذا بذریعہ اشتہار اخبار ہذا آپ کو اطلاع دی جاتی ہے کہ آپ مورخہ مقررہ کو بوقت دس بجے صبح اصالتاً یا وکالتاً عدالت ہذا میں حاضر ہو کر جواب دہی کریں بصورت دیگر کارروائی یکطرفہ عمل میں لائی جائے گی۔ آج بتاریخ میرے دستخط اور مہر عدالت سے جاری ہوا۔ اشتہار برائے عدالتی نوٹس چونکہ تعمیل بطریق معمول ممکن نہ ہے لہذا بذریعہ اشتہار اخبار ہذا آپ کو اطلاع دی جاتی ہے کہ آپ مورخہ مقررہ کو بوقت دس بجے صبح اصالتاً یا وکالتاً عدالت ہذا میں حاضر ہو کر جواب دہی کریں بصورت دیگر کارروائی یکطرفہ عمل میں لائی جائے گی۔ آج بتاریخ میرے دستخط اور مہر عدالت سے جاری ہوا۔ اشتہار برائے عدالتی نوٹس چونکہ تعمیل بطریق معمول ممکن نہ ہے لہذا بذریعہ
اشتہار نمبر 26
اشتہار برائے عدالتی نوٹس چونکہ تعمیل بطریق معمول ممکن نہ ہے لہذا بذریعہ اشتہار اخبار ہذا آپ کو اطلاع دی جاتی ہے کہ آپ مورخہ مقررہ کو بوقت دس بجے صبح اصالتاً یا وکالتاً عدالت ہذا میں حاضر ہو کر جواب دہی کریں بصورت دیگر کارروائی یکطرفہ عمل میں لائی جائے گی۔ آج بتاریخ میرے دستخط اور مہر عدالت سے جاری ہوا۔ اشتہار برائے عدالتی نوٹس چونکہ تعمیل بطریق معمول ممکن نہ ہے لہذا بذریعہ اشتہار اخبار ہذا آپ کو اطلاع دی جاتی ہے کہ آپ مورخہ مقررہ کو بوقت دس بجے صبح اصالتاً یا وکالتاً عدالت ہذا میں حاضر ہو کر جواب دہی کریں بصورت دیگر کارروائی یکطرفہ عمل میں لائی جائے گی۔ آج بتاریخ میرے دستخط اور مہر عدالت سے جاری ہوا۔ اشتہار برائے عدالتی نوٹس چونکہ تعمیل بطریق معمول ممکن نہ ہے لہذا بذریعہ
اشتہار برائے عدالتی نوٹس چونکہ تعمیل بطریق معمول ممکن نہ ہے لہذا بذریعہ اشتہار اخبار ہذا آپ کو اطلاع دی جاتی ہے کہ آپ مورخہ مقررہ کو بوقت دس بجے صبح اصالتاً یا وکالتاً عدالت ہذا میں حاضر ہو کر جواب دہی کریں بصورت دیگر کارروائی یکطرفہ عمل میں لائی جائے گی۔ آج بتاریخ میرے دستخط اور مہر عدالت سے جاری ہوا۔ اشتہار برائے عدالتی نوٹس چونکہ تعمیل بطریق معمول ممکن نہ ہے لہذا بذریعہ اشتہار اخبار ہذا آپ کو اطلاع دی جاتی ہے کہ آپ مورخہ مقررہ کو بوقت دس بجے صبح اصالتاً یا وکالتاً عدالت ہذا میں حاضر ہو کر جواب دہی کریں بصورت دیگر کارروائی یکطرفہ عمل می
اشتہار نمبر 9
اشتہار برائے عدالتی نوٹس چونکہ تعمیل بطریق معمول ممکن نہ ہے لہذا بذریعہ اشتہار اخبار ہذا آپ کو اطلاع دی جاتی ہے کہ آپ مورخہ مقررہ کو بوقت دس بجے صبح اصالتاً یا وکالتاً عدالت ہذا میں حاضر ہو کر جواب دہی کر
اشتہار نمبر 10
اشتہار برائے عدالتی نوٹس چونکہ تعمیل بطریق معمول ممکن نہ ہے لہذا بذریعہ اشتہار اخبار ہذا آپ کو اطلاع دی جاتی ہے کہ آپ مورخہ مقررہ کو بوقت دس بجے صبح اصالتاً یا وکالتاً عدالت ہذا میں حاضر ہو کر جواب دہی کریں بصورت دیگر کارروائی یکطرفہ عمل میں لائی جائے گی۔ آج بتاریخ میرے د
اشتہار نمبر 11
اشتہار برائے عدالتی نوٹس چونکہ تعمیل بطریق معمول ممکن نہ ہے لہذا بذریعہ اشتہار اخبار ہذا آپ کو اطلاع دی جاتی ہے کہ آپ مورخہ مقررہ کو بوقت دس بجے صبح اصالتاً یا وکالتاً عدالت ہذا میں حاضر ہو کر جواب دہی کر
اشتہار نمبر 12
اشتہار برائے عدالتی نوٹس چونکہ تعمیل بطریق معمول ممکن نہ ہے لہذا بذریعہ اشتہار اخبار ہذا آپ کو اطلاع دی جاتی ہے کہ آپ مورخہ مقررہ کو بوقت دس بجے صبح اصالتاً یا وکالتاً عدالت ہذا میں حاضر ہو کر جواب دہی کریں بصورت دیگر کارروائی یکطرفہ عمل میں لائی جائے گی۔ آج بتاریخ میرے دستخط اور مہر عدالت سے جاری ہوا۔ اشتہار برائے عدالتی نوٹس چونکہ تعمیل بطریق معمول ممکن نہ ہے لہذا بذریعہ اشتہار اخبار ہذا آپ کو اطلاع دی جاتی ہے کہ آپ مورخہ مقررہ کو بوقت دس بجے صبح اصالتاً یا وکالتاً عدال
اشتہار نمبر 13
اشتہار برائے عدالتی نوٹس چونکہ تعمیل بطریق معمول ممکن نہ ہے لہذا بذریعہ اشتہار اخبار ہذا آپ کو اطلاع دی جاتی ہے کہ آپ مورخہ مقررہ کو بوقت دس بجے صبح اصالتاً یا وکالتاً عدالت ہذا میں حاضر ہو کر جواب دہی کریں بصورت دیگر کارروائی یکطرفہ عمل میں لائی جائے گی۔ آج بتاریخ میرے دستخط اور مہر عدالت سے جاری ہوا۔ اشتہار برائے عدالتی نوٹس چونکہ تعمیل بطریق معمول ممکن نہ ہے لہذا بذریعہ اشتہار اخبار ہذا آپ کو اطلاع دی جاتی ہے کہ آپ مورخہ مقررہ کو بوقت دس بجے صبح اصالتاً یا وکالتاً عدالت ہذا میں حاضر ہو کر جواب دہی کریں بصورت دیگر کارروائی یکطرفہ عمل میں لائی جائے گی۔ آج بتاریخ میرے دستخط اور مہر عدالت سے جاری ہوا۔ اشتہار برائے عدالتی نوٹس چونکہ تعمیل بطریق معمول ممکن نہ ہے لہذا بذریعہ اشتہار اخبار ہذا آپ کو اطلاع دی جاتی ہے کہ آپ مورخہ مقررہ کو بوقت دس بجے صبح اصالتاً یا وکالتاً عدالت ہذا میں حاضر ہو کر جواب دہی کریں بصورت دیگر کارروائی یکطرفہ عمل میں لائی جائے گی۔ آج بتاریخ میرے دستخط اور مہر عدالت سے جاری ہوا۔ اشتہار برائے عدالتی نوٹس چونکہ تعمیل بطریق معمول ممکن نہ ہے لہذا بذریعہ اشتہار اخبار ہذا آپ کو اطلاع دی جاتی ہے کہ آپ مورخہ مقررہ کو بوقت دس بجے صبح اصالتاً یا وکالتاً عدالت ہذا میں حاضر ہو کر جواب دہی کریں بصورت دیگر کارروائی یکطرفہ عمل میں لائی جائے گی۔ آج بتاریخ میرے دستخط اور مہر عدالت سے جاری ہوا۔ اشتہار برائے عدالتی نوٹس چونکہ تعمیل بطریق معمول ممکن نہ ہے لہذا بذریعہ اشتہار اخبار ہذا آپ کو اطلاع دی جاتی ہے کہ آپ مورخہ مقررہ کو بوقت دس بجے صبح اصالتاً یا وکالتاً عدالت ہذا میں حاضر ہو کر جواب دہی کریں بصورت دیگر کارروائی یکطرفہ عمل میں لائی جائے گی۔ آج بتاریخ میرے دستخط اور مہر عدالت سے جاری ہوا۔ اشتہار برائے عدالتی نوٹس چونکہ تعمیل بطریق م
اشتہار نمبر 14
اشتہار برائے عدالتی نوٹس چونکہ تعمیل بطریق معمول ممکن نہ ہے لہذا بذریعہ اشتہار اخبار ہذا آپ کو اطلاع دی جاتی ہے کہ آپ مورخہ مقررہ کو بوقت دس بجے صبح اصالتاً یا وکالتاً عدالت ہذا میں حاضر ہو کر جواب دہی کریں بصورت دیگر کارروائی یکطرفہ عمل میں لائی جائے گی۔ آج بتاریخ میرے دستخط اور مہر عدالت سے جاری ہوا۔ اشتہار برائے عدالتی نوٹس چونکہ تعمیل بطریق معمول ممکن نہ ہے لہذا بذریعہ اشتہار اخبار ہذا آپ کو اطلاع دی جاتی ہے کہ آپ مورخہ مقررہ کو بوقت دس بجے صبح اصالتاً یا وکالتاً عدالت ہذا میں حاضر ہو کر جواب دہی کریں بصورت دیگر کارروائی یکطرفہ عمل میں لائی جائے گی۔ آج بتاریخ میرے دستخط اور مہر عدالت سے جاری ہوا۔ اشتہار برائے عدالتی نوٹس چونکہ تعمیل بطریق معمول ممکن نہ ہے لہذا بذریعہ اشتہار اخبار ہذا آپ کو اطلاع دی جاتی ہے کہ آپ مورخہ مقررہ کو بوقت دس بجے صبح اصالتاً یا وکالتاً عدالت ہذا میں حاضر ہو کر جواب دہی کریں بصورت دیگر کارروائی یکطرفہ عمل میں لائی جائے گی۔ آج بتاریخ میرے دستخط اور مہر عدالت سے جاری ہوا۔ اشتہار برائے عدالتی نوٹس چونکہ تعمیل بطریق معمول ممکن نہ ہے لہذا بذریعہ اشتہار اخبار ہذا آپ کو اطلاع دی جاتی ہے کہ آپ مورخہ مقررہ کو بوقت دس بجے صبح اصالتاً یا وکالتاً عدالت ہذا میں حاضر ہو کر جواب دہی کریں بصورت دیگر کارروائی یکطرفہ عمل میں لا
اشتہار نمبر 15
اشتہار برائے عدالتی نوٹس چونکہ تعمیل بطریق معمول ممکن نہ ہے لہذا بذریعہ اشتہار اخبار ہذا آپ کو اطلاع دی جاتی ہے کہ آپ مورخہ مقررہ کو بوقت دس بجے صبح اصالتاً یا وکالتاً عدالت ہذا میں حاضر ہو کر جواب دہی کریں بصورت دیگر کارروائی یکطرفہ عمل میں لائی جائے گی۔ آج بتاریخ میرے دستخط اور مہر عدالت سے جاری ہوا۔ اشتہار برائے عدالتی نوٹس چونکہ تعمیل بطریق معمول ممکن نہ ہے لہذا بذریعہ اشتہار اخبار ہذا آپ کو اطلاع دی جاتی ہے کہ آپ مورخہ مقررہ کو بوقت دس بجے صبح اصالتاً یا وکالتاً عدالت ہذا میں حاضر ہو کر جواب دہی کریں بصورت دیگر کارروائی یکطرفہ عمل میں لائی جائے گی۔ آج بتاریخ میرے دستخط اور مہر عدالت سے جاری ہوا۔ اشتہار برائے عدالتی نوٹس چونکہ تعمیل بطریق معمول ممکن نہ ہے لہذا بذریعہ اشتہار اخبار ہذا آپ کو اطلاع دی جاتی ہے کہ آپ مورخہ مقررہ کو بوقت دس
اشتہار نمبر 16
اشتہار برائے عدالتی نوٹس چونکہ تعمیل بطریق معمول ممکن نہ ہے لہذا بذریعہ اشتہار اخبار ہذا آپ کو اطلاع دی جاتی ہے کہ آپ مورخہ مقررہ کو بوقت دس بجے صبح اصالتاً یا وکالتاً عدالت ہذا میں حاضر ہو کر جواب دہی کریں بصورت دیگر کارروائی یکطرفہ عمل میں لائی جائے گی۔ آج بتاریخ میرے دستخط اور مہر عدالت سے جاری ہوا۔ اشتہار برائے عدالتی نوٹس چونکہ تعمیل بطریق معمول ممکن نہ ہے لہذا بذریعہ اشتہار اخبار ہذا آپ کو اطلاع دی
اشتہار برائے عدالتی نوٹس چونکہ تعمیل بطریق معمول ممکن نہ ہے لہذا بذریعہ اشتہار اخبار ہذا آپ کو اطلاع دی جاتی ہے کہ آپ مورخہ مقررہ کو بوقت دس بجے صبح اصالتاً یا وکالتاً عدالت ہذا میں حاضر ہو کر جواب دہی کریں بصورت دیگر کارروائی یکطرفہ عمل میں لائی جائے گی۔ آج بتاریخ میرے دستخط اور مہر عدالت سے جاری ہوا۔ اشتہار برائے عدالتی نوٹس چونکہ تعمیل بطریق معمول ممکن نہ ہے لہذا بذریعہ اشتہار اخبار ہذا آپ کو اطلاع دی جاتی ہے کہ آپ مورخہ مقررہ کو بوقت دس بجے صبح اصالتاً یا وکالتاً عدالت ہذا میں حاضر ہو کر جواب دہی کریں بصورت دیگر کارروائی یکطرفہ عمل میں لائی جائے گی۔ آج بتاریخ میرے دستخط اور مہر عدالت سے جاری ہوا۔ اشتہار برائے عدالتی نوٹس چونکہ تعمیل بطریق معمول ممکن نہ ہے لہذا بذریعہ اشتہار اخبار ہذا آپ کو اطلاع دی جاتی ہے کہ آپ مورخہ مقررہ کو بوقت دس
اشتہار نمبر 5
اشتہار برائے عدالتی نوٹس چونکہ تعمیل بطریق معمول ممکن نہ ہے لہذا بذریعہ اشتہار اخبار ہذا آپ کو اطلاع دی جاتی ہے کہ آپ مورخہ مقررہ کو بوقت دس بجے صبح اصالتاً یا وکالتاً عدالت ہذا میں حاضر ہو کر جواب دہی کریں بصورت دیگر کارروائی یکطرفہ عمل میں لائی جائے گی۔ آج بتاریخ میرے دستخط اور مہر عدالت سے جاری ہوا۔ اشتہار برائے عدالتی نوٹس چونکہ تعمیل بطریق معمول ممکن نہ ہے لہذا بذریعہ اشتہار اخبار ہذا آپ کو اطلاع دی جاتی ہے کہ آپ مورخہ مقررہ کو بوقت دس بجے صبح اصالتاً یا وکالتاً عدالت ہذا میں حاضر ہو کر جواب دہی کریں بصورت دیگر کارروائی یکطرفہ عمل میں لائی جائے گی۔ آج بتاریخ میرے دستخط اور مہر عدالت سے جاری ہوا۔ اشتہار برائے عدالتی نوٹس چونکہ تعمیل بطریق معمول ممکن نہ ہے لہذا بذریعہ اشتہار اخبار ہذا آپ کو اطلاع دی جاتی ہے کہ آپ مورخہ مقررہ کو بوقت دس بجے صبح اصالتاً یا وکالتاً عدالت ہذا میں حاضر ہو کر جواب دہی کریں بصورت دیگر کارروائی یکطرفہ عمل میں لائی جائے گی۔ آج بتاریخ میرے دستخط اور مہر عدالت سے جاری ہوا۔ اشتہار برائے عدالتی نوٹس چونکہ تعمیل بطریق معمول ممکن نہ ہے لہذا بذریعہ اشتہار اخبار ہذا آپ کو اطلاع دی جاتی ہے کہ آپ مورخہ مقررہ کو بوقت دس بجے صبح اصالتاً یا وکالتاً عدالت ہذا میں حاضر ہو کر جواب دہی کریں بصورت دیگر کارروائی یکطرفہ عمل میں لائی جائے گی۔ آج بتاریخ میرے دستخط اور مہر عدالت سے جاری ہوا۔ اشتہار برائے عدالتی نوٹس چونکہ تعمیل بطریق معمول ممکن نہ ہے لہذا بذریعہ اشتہار اخبار ہذا آپ کو اطلاع دی جاتی ہے کہ آپ مورخہ مقررہ کو بوقت دس بجے صبح اصالتاً یا وکالتاً عدالت ہذا میں حاضر ہو کر جواب دہی کریں بصورت دیگر کارروائی یکطرفہ عمل میں لائی جائے گی۔ آج بتاریخ میرے دستخط اور
اشتہار نمبر 6
اشتہار برائے عدالتی نوٹس چونکہ تعمیل بطریق معمول ممکن نہ ہے لہذا بذر
اشتہار نمبر 7
اشتہار برائے عدالتی نوٹس چونکہ تعمیل بطریق معمول ممکن نہ ہے لہذا بذریعہ اشتہار اخبار ہذا آپ کو اطلاع دی جاتی ہے کہ آپ مورخہ مقررہ کو بوقت دس بجے صبح اصالتاً یا وکالتاً عدالت ہذا میں حاضر ہو کر جواب دہی کر
اشتہار نمبر 8
اشتہار برائے عدالتی نوٹس چونکہ تعمیل بطریق معمول ممکن نہ ہے لہذا بذر
بعدالت جناب سینئر سول جج صاحب ایبٹ آباد
مقدمہ نمبر 01/138
14/09/2024
27/11/2024
اشتہار برائے عدالتی نوٹس چونکہ تعمیل بطریق معمول ممکن نہ ہے لہذا بذریعہ اشتہار اخبار ہذا آپ کو اطلاع دی جاتی ہے کہ آپ مورخہ مقررہ کو بوقت دس بجے صبح اصالتاً یا وکالتاً عدالت ہذا میں حاضر ہو کر جواب دہی کریں بصورت دیگر کارروائی یکطرفہ عمل میں لائی جائے گی۔ آج بتاریخ میرے دستخط اور مہر عدالت سے جاری ہوا۔ اشتہار برائے عدالتی نوٹس چونکہ تعمیل بطریق معمول ممکن نہ ہے لہذا بذریعہ اشتہار اخبار ہذا آپ کو اطلاع دی جاتی ہے کہ آپ مورخہ مقررہ کو بوقت دس بجے صبح اصالتاً یا وکالتاً عدالت ہذا میں حاضر ہو کر جواب دہی کریں بصورت دیگر کارروائی یکطرفہ عمل میں لائی جائے گی۔ آج بتاریخ میرے دستخط اور مہر عدالت سے جاری ہوا۔ اشتہ
دستخط حاکم مہر عدالت
بعدالت سینئر سول جج صاحب ایبٹ آباد
نمبر مقدمہ 119/2
09/09/2024
19/11/2024
اشتہار برائے عدالتی نوٹس چونکہ تعمیل بطریق معمول ممکن نہ ہے لہذا بذریعہ اشتہار اخبار ہذا آپ کو اطلاع دی جاتی ہے کہ آپ مورخہ مقررہ کو بوقت دس بجے صبح اصالتاً یا وکالتاً عدالت ہذا میں حاضر ہو کر جواب دہی کریں بصورت دیگر کارروائی یکطرفہ عمل میں لائی جائے گی۔ آج بتاریخ میرے دستخط اور مہر عدالت سے جاری ہوا۔ اشتہار برائے عدالتی نوٹس چونکہ تعمیل بطریق معمول ممکن نہ ہے لہذا بذریعہ اشتہار اخبار ہذا آپ کو اطلاع دی جاتی ہے کہ آپ مورخہ مقررہ کو بوقت دس بجے صبح اصالتاً یا وکالتاً عدالت ہذا میں حاضر ہو کر جواب دہی کریں بصورت دیگر کارروائی یکطرفہ عمل میں لائی جائے گی۔ آج بتاریخ میرے دستخط اور مہر عدالت سے جاری ہوا۔ اشتہار برائے عدالتی نوٹس چونکہ تعمیل بطریق معمول ممکن نہ ہے لہذا بذریعہ اشتہار اخبار ہذا آپ کو اطلاع دی جاتی ہے کہ آپ مورخہ مقررہ کو بوقت دس بجے صبح اصالتاً یا وکالتاً عدالت ہذا میں حاضر ہو کر جواب دہی کریں بصورت دیگر کارروائی یکطرفہ عمل میں لائی جائے گی۔ آج بتاریخ میرے دستخط اور مہر عدالت سے جاری ہوا۔ اشتہار برائے عدالتی نوٹس چونکہ تعمیل بطر
دستخط حاکم مہر عدالت
اشتہار نمبر 1
اشتہار برائے عدالتی نوٹس چونکہ تعمیل بطریق معمول ممکن نہ ہے لہذا بذریعہ اشتہار اخبار ہذا آپ کو اطلاع دی جاتی ہے کہ آپ مورخہ مقررہ کو بوقت دس بجے صبح اصالتاً یا وکالتاً عدالت ہذا میں حاضر ہو کر جواب دہی کریں بصورت دیگر کارروائی یکطرفہ عمل میں لائی جائے گی۔ آج بتاریخ میرے دستخط اور مہر عدالت سے جاری ہوا۔ اشتہار برائے عدالتی نوٹس چونکہ تعمیل
اشتہار نمبر 2
اشتہار برائے عدالتی نوٹس چونکہ تعمیل بطریق معمول ممکن نہ ہے لہذا بذریعہ اشتہار اخبار ہذا آپ کو اطلاع دی جاتی ہے کہ آپ مورخہ مقررہ کو بوقت دس بجے صبح اصالتاً یا وکالتاً عد
اشتہار نمبر 3
اشتہار برائے عدالتی نوٹس چونکہ تعمیل بطریق معمول ممکن نہ ہے لہذا بذریعہ اشتہار اخبار ہذا آپ کو اطلاع دی جاتی ہے کہ آپ مورخہ مقررہ کو بوقت دس بجے صبح اصالتاً یا وکالتاً عدالت ہذا میں حاضر ہو کر جواب دہی کریں بصورت دیگر کارروائی یکطرفہ عمل میں لائی جائے گی۔ آج بتاریخ میرے د
اشتہار نمبر 4
اشتہار برائے عدالتی نوٹس چونکہ تعمیل بطریق معمول ممکن نہ ہے لہذا بذریعہ اشتہار اخبار ہذا آپ کو اطلاع دی جاتی ہے کہ آپ مورخہ مقررہ کو بوقت دس بجے صبح اصالتاً یا وکالتاً عدالت ہذا میں حاضر ہو کر جواب دہی کریں بصورت دیگر کارروائی یکطرفہ عمل میں لائی جائے گی۔ آج بتاریخ میرے دستخط اور مہر عدالت سے جاری ہوا۔ اشتہار برائے عدالتی نوٹس چونکہ تعمیل بطریق معمول ممکن نہ ہے لہذا بذریعہ اشتہار اخبار ہذا آپ کو اطلاع دی جاتی ہے کہ آپ مورخہ مقررہ کو بوقت دس بجے صبح اصالتاً یا وکالتاً عدالت ہذا میں حاضر ہو کر جواب دہی کریں بصورت دیگر کارروائی یکطرفہ عمل میں لائی جائے گی۔ آج بتاریخ میرے دستخط اور مہر عدالت سے جاری ہوا۔ اشتہار برائے عدالتی نوٹس چونکہ تعمیل بطریق معمول ممکن نہ ہے لہذا بذریعہ اشتہار اخبار ہذا آپ کو اطلاع دی جاتی ہے کہ آپ مورخہ مقررہ کو بوقت دس بجے صبح اصالتاً یا وکالتاً عدالت ہذا میں حاضر ہو کر جواب دہی کریں بصورت دیگر کارروائی یکطرفہ عمل میں لائی جائے گی۔ آج بتاریخ میرے دستخط اور مہر عدالت سے جاری ہوا۔ اشتہار برائے عدالتی نوٹس چونکہ تعمیل بطریق معمول ممکن نہ ہے لہذا بذریعہ اشتہار اخبار ہذا آپ کو اطلاع دی جاتی ہے کہ آپ مورخہ مقررہ کو بوقت دس بجے صبح اصالتاً یا وکالتاً عدالت ہذا میں حاضر ہو کر جواب دہی کریں بصورت دیگر کارروائی یکطرفہ عمل میں لائی جائے گی۔ آج بتاریخ میرے دستخط اور مہر عدالت سے جاری ہوا۔ اشتہار برائے عدالتی نوٹس چونکہ تعمیل بطریق معمول ممکن نہ ہے لہذا بذریعہ اشتہ
بعدالت جناب سول جج صاحب ایبٹ آباد
اشتہار برائے عدالتی نوٹس چونکہ تعمیل بطریق معمول ممکن نہ ہے لہذا بذریعہ اشتہار اخبار ہذا آپ کو اطلاع دی جاتی ہے کہ آپ مورخہ مقررہ کو بوقت دس بجے صبح اصالتاً یا وکالتاً عدالت ہذا میں حاضر ہو کر جواب دہی کریں بصورت دیگر کارروائی یکطرفہ عمل میں لائی جائے گی۔ آج بتاریخ میرے دستخط اور مہر عدالت سے جاری ہوا۔ اشتہار برائے عدالتی نوٹس چونکہ تعمیل بطریق معمول ممکن نہ ہے لہذا بذریعہ اشتہار اخبار ہذا آپ کو اطلاع دی جاتی ہے کہ آپ مورخہ مقررہ کو بوقت دس بجے صبح اصالتاً یا وکالتاً عدالت ہذا میں حاضر ہو کر جواب دہی کریں بصورت دیگر کارروائی یکطرفہ عمل میں لائی جائے گی۔ آج بتاریخ میرے دستخط اور مہر عدالت سے جاری ہوا۔ اشتہار برائے عدالتی نوٹس چونکہ تعمیل بطریق معمول ممکن نہ ہے لہذا بذریعہ اشتہار اخبار ہذا آپ کو اطلاع دی جاتی ہے کہ آپ مورخہ مقررہ کو بوقت دس بجے صبح اصالتاً یا وکالتاً عدالت ہذا میں حاضر ہو کر جواب دہی کریں بصورت دیگر کارروائی یکطرفہ عمل میں لائی جائے گی۔ آج بتاریخ میرے دستخط اور مہر عدالت سے جاری ہوا۔ اشتہار برائے عدالتی نوٹس چونکہ تعمیل بطریق معمول ممکن نہ ہے لہذا بذریعہ اشتہار اخبار ہذا آپ کو اطلاع دی جاتی ہے کہ آپ مورخہ مقررہ کو بوقت دس بجے صبح اصالتاً یا وکالتاً عدالت ہذا میں حاضر ہو کر جواب دہی کریں بصورت دیگر کارروائی یکطرفہ عمل میں لائی جائے گی۔ آج بتاریخ میرے دستخط اور مہر عدالت سے جاری ہوا۔ اشتہار برائے عدالتی نوٹس چونکہ تعمیل بطریق معمول ممکن نہ ہے لہذا بذریعہ اشتہار اخبار ہذا آپ کو اطلاع دی جاتی ہے کہ آپ مورخہ مقررہ کو بوقت دس بجے
دستخط حاکم مہر عدالت
اشتہار برائے عدالتی نوٹس چونکہ تعمیل بطریق معمول ممکن نہ ہے لہذا بذریعہ اشتہار اخبار ہذا آپ کو اطلاع دی جاتی ہے کہ آپ مورخہ مقررہ کو بوقت دس بجے صبح اصالتاً یا وکالتاً عدالت ہذا میں حاضر ہو کر جواب دہی کریں بصورت دیگر کارروائی یکطرفہ عمل میں لائی جائے گی۔ آج بتاریخ میرے دستخط اور مہر عدالت سے جاری ہوا۔ اشتہار برائے عدالتی نوٹس چونکہ تعمیل بطریق معمول ممکن نہ ہے لہذا بذریعہ اشتہار اخبار ہذا آپ کو اطلاع دی جاتی ہے کہ آپ مورخہ مقررہ کو بوقت دس بجے صبح اصالتاً یا وکالتاً عدالت ہذا میں حاضر ہو کر جواب دہی کریں بصورت دیگر کارروائی یکطرفہ عمل میں لائی جائے گی۔ آج بتاریخ میرے دستخط اور مہر عدالت سے جاری ہوا۔ اشتہار برائے عدالتی نوٹس چونکہ تعمیل بطریق معمول ممکن نہ ہے لہذا بذریعہ اشتہار اخبار ہذا آپ کو اطلاع دی جاتی ہے کہ آپ مورخہ مقررہ کو بوقت دس بجے صبح اصالتاً یا وکالتاً عدالت ہذا میں حاضر ہو کر جواب دہی کریں بصورت دیگر کارروائی یکطرفہ عمل میں لائی جائے گی۔ آج بتاریخ میرے دستخط اور مہر عدالت سے جاری ہوا۔ اشتہار برائے عدالتی نوٹس چونکہ تعمیل بطر
